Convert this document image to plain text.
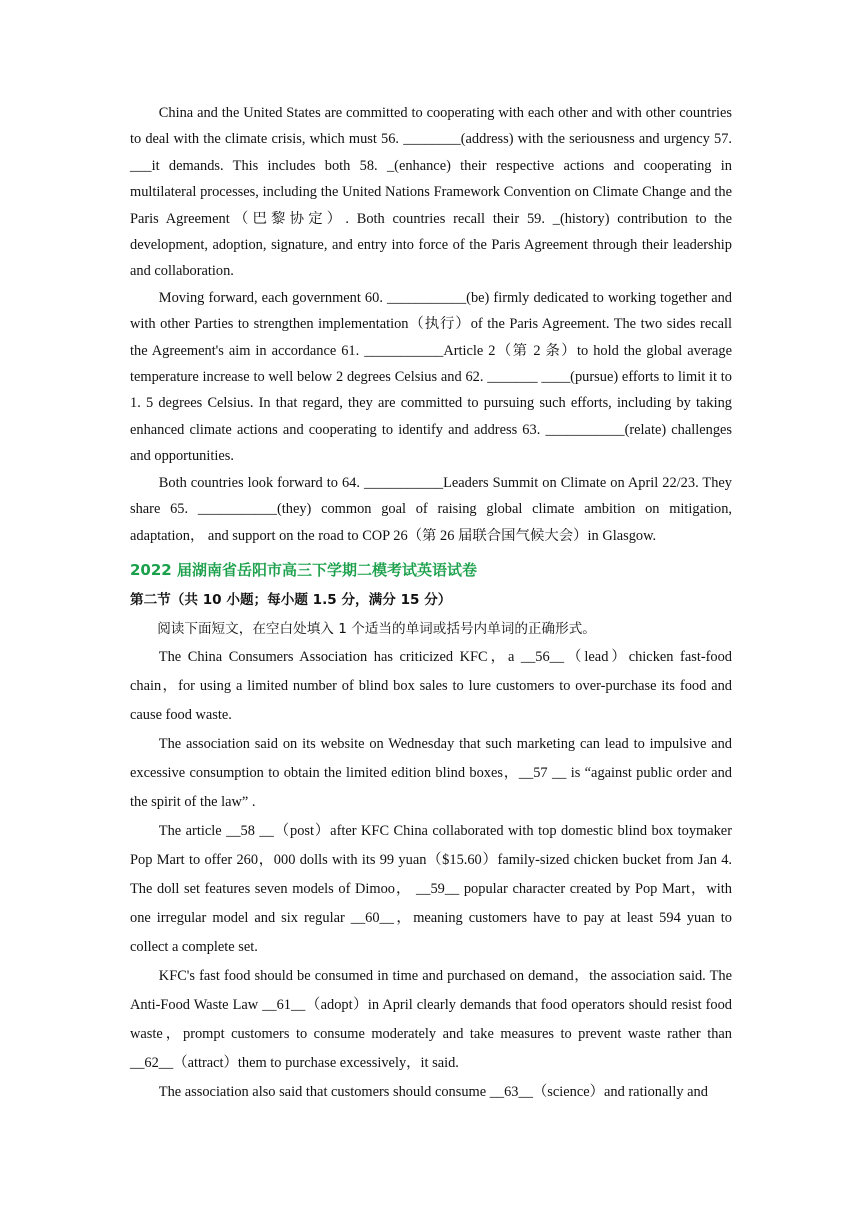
China and the United States are committed to cooperating with each other and with other countries to deal with the climate crisis, which must 56. ________(address) with the seriousness and urgency 57. ___it demands. This includes both 58. _(enhance) their respective actions and cooperating in multilateral processes, including the United Nations Framework Convention on Climate Change and the Paris Agreement（巴黎协定）. Both countries recall their 59. _(history) contribution to the development, adoption, signature, and entry into force of the Paris Agreement through their leadership and collaboration.

Moving forward, each government 60. ___________(be) firmly dedicated to working together and with other Parties to strengthen implementation（执行）of the Paris Agreement. The two sides recall the Agreement's aim in accordance 61. ___________Article 2（第 2 条）to hold the global average temperature increase to well below 2 degrees Celsius and 62. _______ ____(pursue) efforts to limit it to 1. 5 degrees Celsius. In that regard, they are committed to pursuing such efforts, including by taking enhanced climate actions and cooperating to identify and address 63. ___________(relate) challenges and opportunities.

Both countries look forward to 64. ___________Leaders Summit on Climate on April 22/23. They share 65. ___________(they) common goal of raising global climate ambition on mitigation, adaptation， and support on the road to COP 26（第 26 届联合国气候大会）in Glasgow.

2022 届湖南省岳阳市高三下学期二模考试英语试卷
第二节（共 10 小题；每小题 1.5 分，满分 15 分）

阅读下面短文，在空白处填入 1 个适当的单词或括号内单词的正确形式。

The China Consumers Association has criticized KFC，a __56__（lead）chicken fast-food chain，for using a limited number of blind box sales to lure customers to over-purchase its food and cause food waste.

The association said on its website on Wednesday that such marketing can lead to impulsive and excessive consumption to obtain the limited edition blind boxes，__57 __ is “against public order and the spirit of the law” .

The article __58 __（post）after KFC China collaborated with top domestic blind box toymaker Pop Mart to offer 260，000 dolls with its 99 yuan（$15.60）family-sized chicken bucket from Jan 4. The doll set features seven models of Dimoo， __59__ popular character created by Pop Mart，with one irregular model and six regular __60__，meaning customers have to pay at least 594 yuan to collect a complete set.

KFC's fast food should be consumed in time and purchased on demand，the association said. The Anti-Food Waste Law __61__（adopt）in April clearly demands that food operators should resist food waste，prompt customers to consume moderately and take measures to prevent waste rather than __62__（attract）them to purchase excessively，it said.

The association also said that customers should consume __63__（science）and rationally and
